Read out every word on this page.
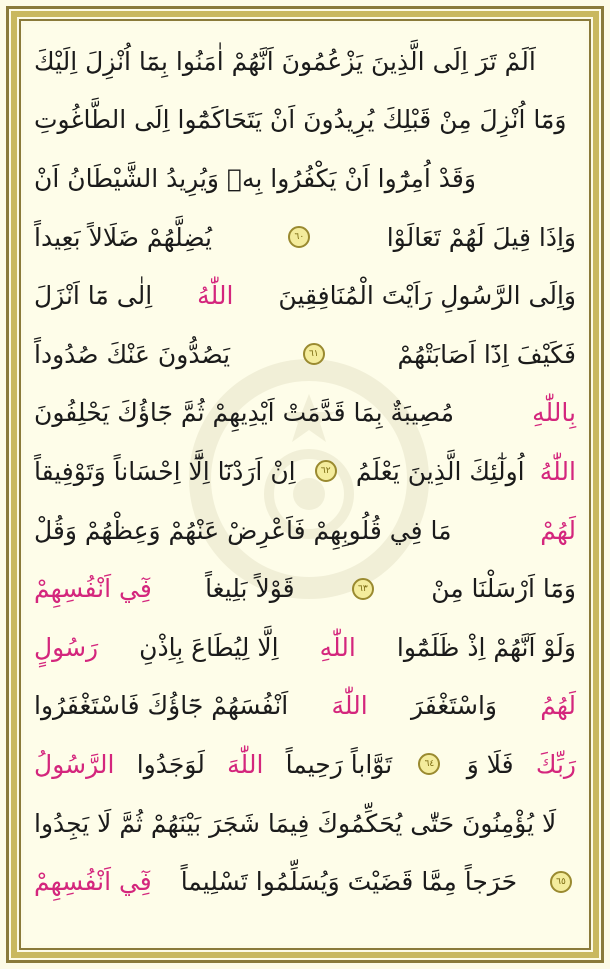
اَلَمْ تَرَ اِلَى الَّذِينَ يَزْعُمُونَ اَنَّهُمْ اٰمَنُوا بِمَٓا اُنْزِلَ اِلَيْكَ
وَمَٓا اُنْزِلَ مِنْ قَبْلِكَ يُرِيدُونَ اَنْ يَتَحَاكَمُٓوا اِلَى الطَّاغُوتِ
وَقَدْ اُمِرُٓوا اَنْ يَكْفُرُوا بِهٖ وَيُرِيدُ الشَّيْطَانُ اَنْ
يُضِلَّهُمْ ضَلَالاً بَعِيداً	٦٠	وَاِذَا قِيلَ لَهُمْ تَعَالَوْا
اِلٰى مَٓا اَنْزَلَ اللّٰهُ وَاِلَى الرَّسُولِ رَاَيْتَ الْمُنَافِقِينَ
يَصُدُّونَ عَنْكَ صُدُوداً	٦١	فَكَيْفَ اِذَٓا اَصَابَتْهُمْ
مُصِيبَةٌ بِمَا قَدَّمَتْ اَيْدِيهِمْ ثُمَّ جَٓاؤُكَ يَحْلِفُونَ	بِاللّٰهِ
اِنْ اَرَدْنَٓا اِلَّٓا اِحْسَاناً وَتَوْفِيقاً	٦٢ اُولٰٓئِكَ الَّذِينَ يَعْلَمُ اللّٰهُ
مَا فِي قُلُوبِهِمْ فَاَعْرِضْ عَنْهُمْ وَعِظْهُمْ وَقُلْ	لَهُمْ
فِٓي اَنْفُسِهِمْ قَوْلاً بَلِيغاً	٦٣	وَمَٓا اَرْسَلْنَا مِنْ
رَسُولٍ اِلَّا لِيُطَاعَ بِاِذْنِ اللّٰهِ وَلَوْ اَنَّهُمْ اِذْ ظَلَمُٓوا
اَنْفُسَهُمْ جَٓاؤُكَ فَاسْتَغْفَرُوا اللّٰهَ وَاسْتَغْفَرَ لَهُمُ
الرَّسُولُ لَوَجَدُوا اللّٰهَ تَوَّاباً رَحِيماً	٦٤ فَلَا وَ رَبِّكَ
لَا يُؤْمِنُونَ حَتّٰى يُحَكِّمُوكَ فِيمَا شَجَرَ بَيْنَهُمْ ثُمَّ لَا يَجِدُوا
فِٓي اَنْفُسِهِمْ حَرَجاً مِمَّا قَضَيْتَ وَيُسَلِّمُوا تَسْلِيماً	٦٥
